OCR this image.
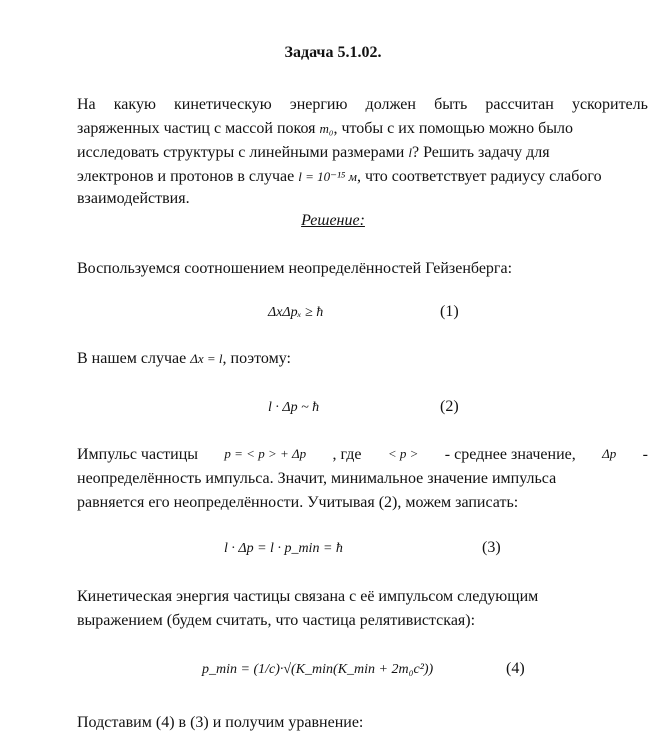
Задача 5.1.02.
На какую кинетическую энергию должен быть рассчитан ускоритель
заряженных частиц с массой покоя m₀, чтобы с их помощью можно было
исследовать структуры с линейными размерами l? Решить задачу для
электронов и протонов в случае l = 10⁻¹⁵ м, что соответствует радиусу слабого
взаимодействия.
Решение:
Воспользуемся соотношением неопределённостей Гейзенберга:
ΔxΔpₓ ≥ ħ	(1)
В нашем случае Δx = l, поэтому:
l · Δp ~ ħ	(2)
Импульс частицы p = < p > + Δp , где < p > - среднее значение, Δp -
неопределённость импульса. Значит, минимальное значение импульса
равняется его неопределённости. Учитывая (2), можем записать:
l · Δp = l · p_min = ħ	(3)
Кинетическая энергия частицы связана с её импульсом следующим
выражением (будем считать, что частица релятивистская):
p_min = (1/c)·√(K_min(K_min + 2m₀c²))	(4)
Подставим (4) в (3) и получим уравнение:
